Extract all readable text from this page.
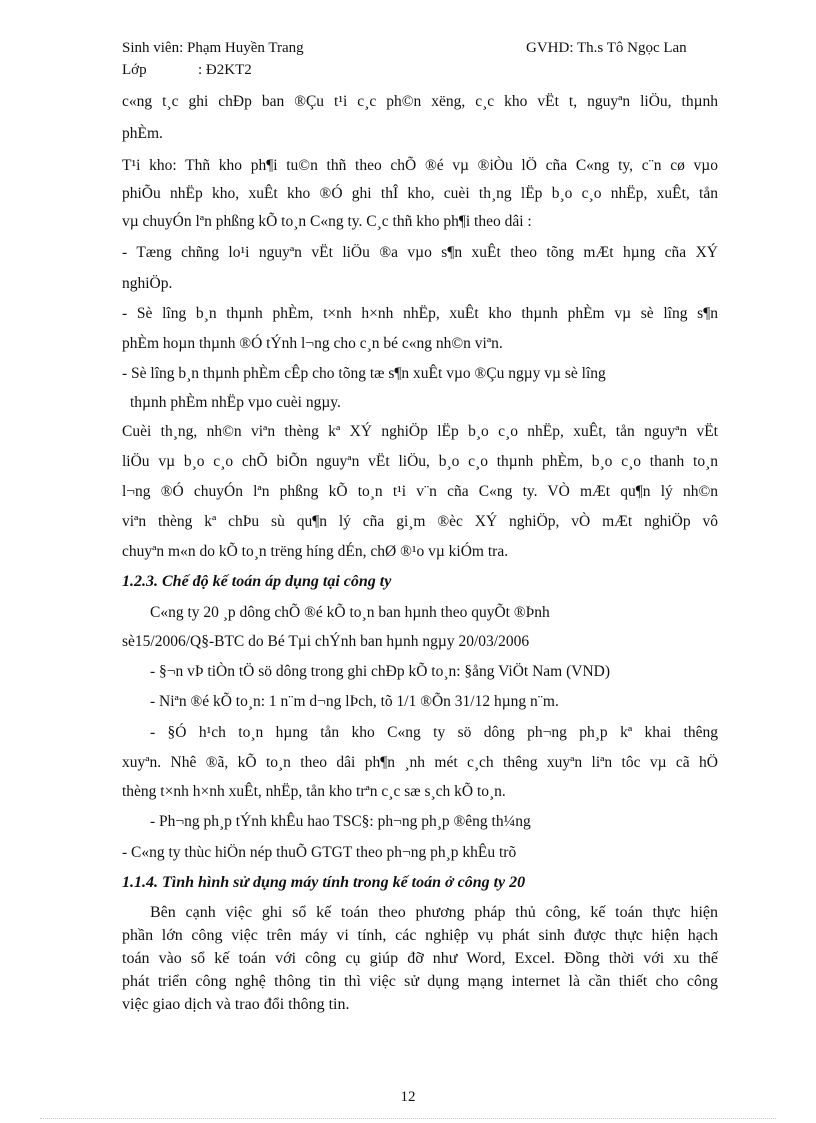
Sinh viên: Phạm Huyền Trang	GVHD: Th.s Tô Ngọc Lan
Lớp	: Đ2KT2
c«ng t¸c ghi chÐp ban ®Çu t¹i c¸c ph©n xëng, c¸c kho vËt t, nguyªn liÖu, thµnh
phÈm.
T¹i kho: Thñ kho ph¶i tu©n thñ theo chÕ ®é vµ ®iÒu lÖ cña C«ng ty, c¨n cø vµo
phiÕu nhËp kho, xuÊt kho ®Ó ghi thÎ kho, cuèi th¸ng lËp b¸o c¸o nhËp, xuÊt, tån
vµ chuyÓn lªn phßng kÕ to¸n C«ng ty. C¸c thñ kho ph¶i theo dâi :
- Tæng chñng lo¹i nguyªn vËt liÖu ®a vµo s¶n xuÊt theo tõng mÆt hµng cña XÝ
nghiÖp.
- Sè lîng b¸n thµnh phÈm, t×nh h×nh nhËp, xuÊt kho thµnh phÈm vµ sè lîng s¶n
phÈm hoµn thµnh ®Ó tÝnh l¬ng cho c¸n bé c«ng nh©n viªn.
- Sè lîng b¸n thµnh phÈm cÊp cho tõng tæ s¶n xuÊt vµo ®Çu ngµy vµ sè lîng
thµnh phÈm nhËp vµo cuèi ngµy.
Cuèi th¸ng, nh©n viªn thèng kª XÝ nghiÖp lËp b¸o c¸o nhËp, xuÊt, tån nguyªn vËt
liÖu vµ b¸o c¸o chÕ biÕn nguyªn vËt liÖu, b¸o c¸o thµnh phÈm, b¸o c¸o thanh to¸n
l¬ng ®Ó chuyÓn lªn phßng kÕ to¸n t¹i v¨n cña C«ng ty. VÒ mÆt qu¶n lý nh©n
viªn thèng kª chÞu sù qu¶n lý cña gi¸m ®èc XÝ nghiÖp, vÒ mÆt nghiÖp vô
chuyªn m«n do kÕ to¸n trëng híng dÉn, chØ ®¹o vµ kiÓm tra.
1.2.3. Chế độ kế toán áp dụng tại công ty
C«ng ty 20 ¸p dông chÕ ®é kÕ to¸n ban hµnh theo quyÕt ®Þnh
sè15/2006/Q§-BTC do Bé Tµi chÝnh ban hµnh ngµy 20/03/2006
- §¬n vÞ tiÒn tÖ sö dông trong ghi chÐp kÕ to¸n: §ång ViÖt Nam (VND)
- Niªn ®é kÕ to¸n: 1 n¨m d¬ng lÞch, tõ 1/1 ®Õn 31/12 hµng n¨m.
- §Ó h¹ch to¸n hµng tån kho C«ng ty sö dông ph¬ng ph¸p kª khai thêng
xuyªn. Nhê ®ã, kÕ to¸n theo dâi ph¶n ¸nh mét c¸ch thêng xuyªn liªn tôc vµ cã hÖ
thèng t×nh h×nh xuÊt, nhËp, tån kho trªn c¸c sæ s¸ch kÕ to¸n.
- Ph¬ng ph¸p tÝnh khÊu hao TSC§: ph¬ng ph¸p ®êng th¼ng
- C«ng ty thùc hiÖn nép thuÕ GTGT theo ph¬ng ph¸p khÊu trõ
1.1.4. Tình hình sử dụng máy tính trong kế toán ở công ty 20
Bên cạnh việc ghi sổ kế toán theo phương pháp thủ công, kế toán thực hiện
phần lớn công việc trên máy vi tính, các nghiệp vụ phát sinh được thực hiện hạch
toán vào sổ kế toán với công cụ giúp đỡ như Word, Excel. Đồng thời với xu thế
phát triển công nghệ thông tin thì việc sử dụng mạng internet là cần thiết cho công
việc giao dịch và trao đổi thông tin.
12
